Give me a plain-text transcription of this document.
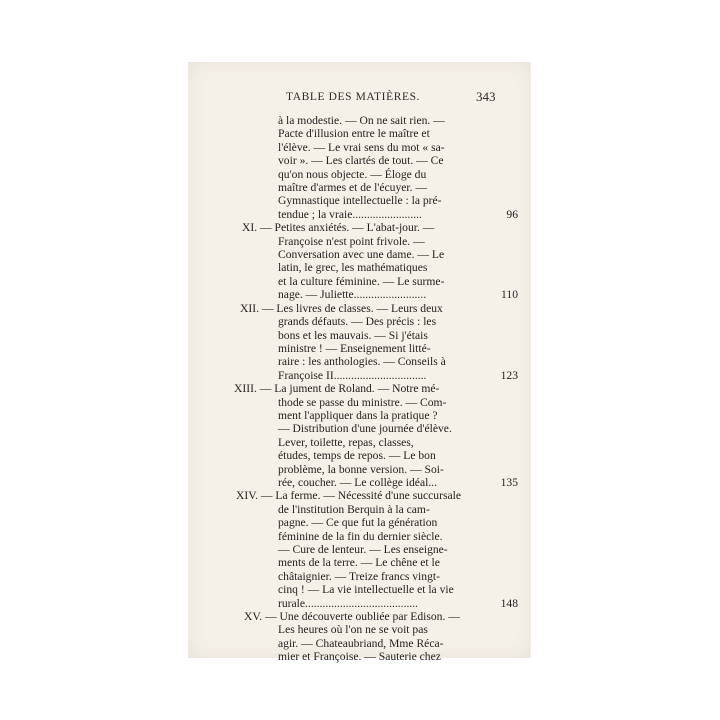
TABLE DES MATIÈRES.	343
à la modestie. — On ne sait rien. —
Pacte d'illusion entre le maître et
l'élève. — Le vrai sens du mot « sa-
voir ». — Les clartés de tout. — Ce
qu'on nous objecte. — Éloge du
maître d'armes et de l'écuyer. —
Gymnastique intellectuelle : la pré-
tendue ; la vraie........................	96
XI. — Petites anxiétés. — L'abat-jour. —
Françoise n'est point frivole. —
Conversation avec une dame. — Le
latin, le grec, les mathématiques
et la culture féminine. — Le surme-
nage. — Juliette.........................	110
XII. — Les livres de classes. — Leurs deux
grands défauts. — Des précis : les
bons et les mauvais. — Si j'étais
ministre ! — Enseignement litté-
raire : les anthologies. — Conseils à
Françoise II................................	123
XIII. — La jument de Roland. — Notre mé-
thode se passe du ministre. — Com-
ment l'appliquer dans la pratique ?
— Distribution d'une journée d'élève.
Lever, toilette, repas, classes,
études, temps de repos. — Le bon
problème, la bonne version. — Soi-
rée, coucher. — Le collège idéal...	135
XIV. — La ferme. — Nécessité d'une succursale
de l'institution Berquin à la cam-
pagne. — Ce que fut la génération
féminine de la fin du dernier siècle.
— Cure de lenteur. — Les enseigne-
ments de la terre. — Le chêne et le
châtaignier. — Treize francs vingt-
cinq ! — La vie intellectuelle et la vie
rurale.......................................	148
XV. — Une découverte oubliée par Edison. —
Les heures où l'on ne se voit pas
agir. — Chateaubriand, Mme Réca-
mier et Françoise. — Sauterie chez
